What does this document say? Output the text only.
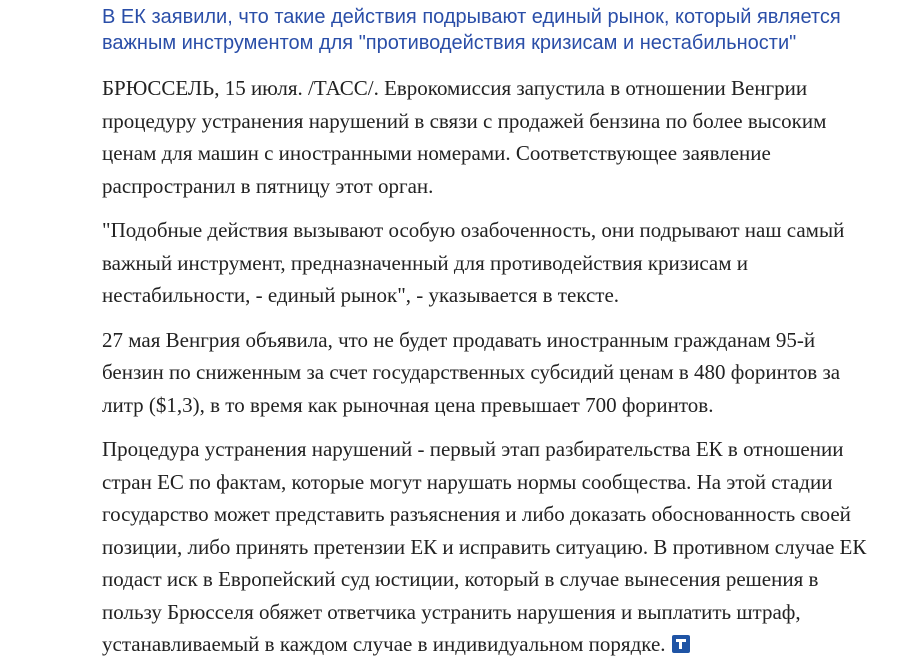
В ЕК заявили, что такие действия подрывают единый рынок, который является
важным инструментом для "противодействия кризисам и нестабильности"
БРЮССЕЛЬ, 15 июля. /ТАСС/. Еврокомиссия запустила в отношении Венгрии
процедуру устранения нарушений в связи с продажей бензина по более высоким
ценам для машин с иностранными номерами. Соответствующее заявление
распространил в пятницу этот орган.
"Подобные действия вызывают особую озабоченность, они подрывают наш самый
важный инструмент, предназначенный для противодействия кризисам и
нестабильности, - единый рынок", - указывается в тексте.
27 мая Венгрия объявила, что не будет продавать иностранным гражданам 95-й
бензин по сниженным за счет государственных субсидий ценам в 480 форинтов за
литр ($1,3), в то время как рыночная цена превышает 700 форинтов.
Процедура устранения нарушений - первый этап разбирательства ЕК в отношении
стран ЕС по фактам, которые могут нарушать нормы сообщества. На этой стадии
государство может представить разъяснения и либо доказать обоснованность своей
позиции, либо принять претензии ЕК и исправить ситуацию. В противном случае ЕК
подаст иск в Европейский суд юстиции, который в случае вынесения решения в
пользу Брюсселя обяжет ответчика устранить нарушения и выплатить штраф,
устанавливаемый в каждом случае в индивидуальном порядке.
